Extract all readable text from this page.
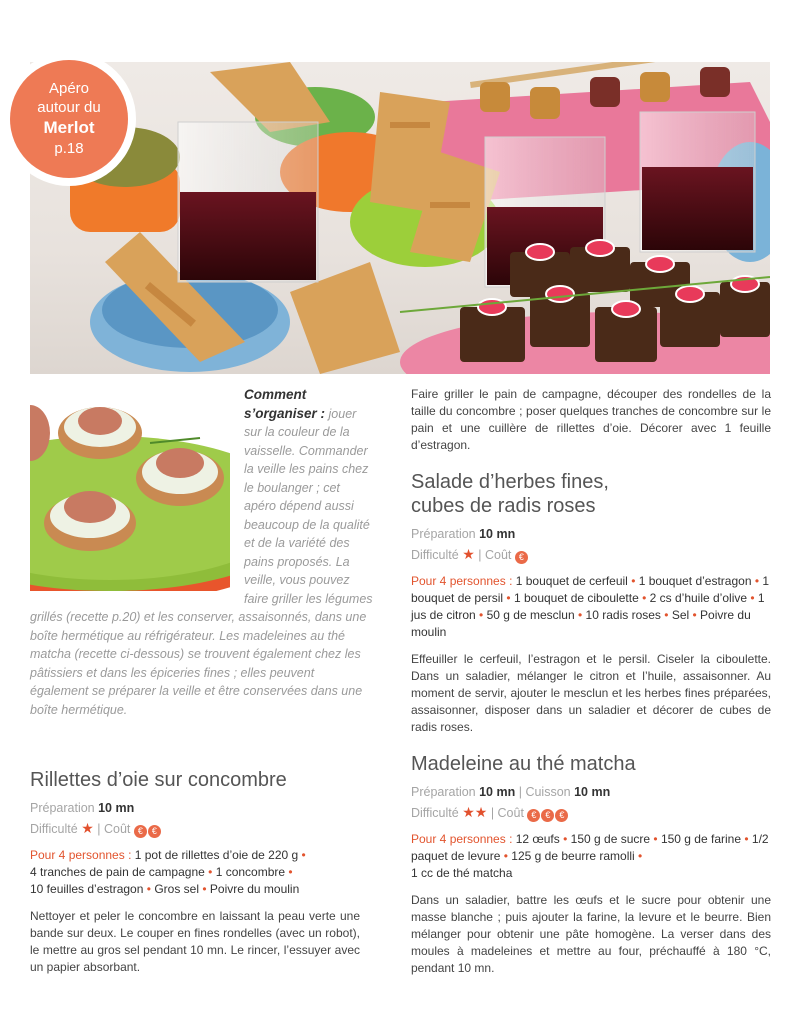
Apéro
autour du
Merlot
p.18
Comment s’organiser : jouer sur la couleur de la vaisselle. Commander la veille les pains chez le boulanger ; cet apéro dépend aussi beaucoup de la qualité et de la variété des pains proposés. La veille, vous pouvez faire griller les légumes grillés (recette p.20) et les conserver, assaisonnés, dans une boîte hermétique au réfrigérateur. Les madeleines au thé matcha (recette ci-dessous) se trouvent également chez les pâtissiers et dans les épiceries fines ; elles peuvent également se préparer la veille et être conservées dans une boîte hermétique.
Rillettes d’oie sur concombre
Préparation 10 mn
Difficulté ★ | Coût € €
Pour 4 personnes : 1 pot de rillettes d’oie de 220 g •
4 tranches de pain de campagne • 1 concombre •
10 feuilles d’estragon • Gros sel • Poivre du moulin
Nettoyer et peler le concombre en laissant la peau verte une bande sur deux. Le couper en fines rondelles (avec un robot), le mettre au gros sel pendant 10 mn. Le rincer, l’essuyer avec un papier absorbant.
Faire griller le pain de campagne, découper des rondelles de la taille du concombre ; poser quelques tranches de concombre sur le pain et une cuillère de rillettes d’oie. Décorer avec 1 feuille d’estragon.
Salade d’herbes fines,
cubes de radis roses
Préparation 10 mn
Difficulté ★ | Coût €
Pour 4 personnes : 1 bouquet de cerfeuil • 1 bouquet d’estragon • 1 bouquet de persil • 1 bouquet de ciboulette • 2 cs d’huile d’olive • 1 jus de citron • 50 g de mesclun • 10 radis roses • Sel • Poivre du moulin
Effeuiller le cerfeuil, l’estragon et le persil. Ciseler la ciboulette. Dans un saladier, mélanger le citron et l’huile, assaisonner. Au moment de servir, ajouter le mesclun et les herbes fines préparées, assaisonner, disposer dans un saladier et décorer de cubes de radis roses.
Madeleine au thé matcha
Préparation 10 mn | Cuisson 10 mn
Difficulté ★★ | Coût € € €
Pour 4 personnes : 12 œufs • 150 g de sucre • 150 g de farine • 1/2 paquet de levure • 125 g de beurre ramolli •
1 cc de thé matcha
Dans un saladier, battre les œufs et le sucre pour obtenir une masse blanche ; puis ajouter la farine, la levure et le beurre. Bien mélanger pour obtenir une pâte homogène. La verser dans des moules à madeleines et mettre au four, préchauffé à 180 °C, pendant 10 mn.
